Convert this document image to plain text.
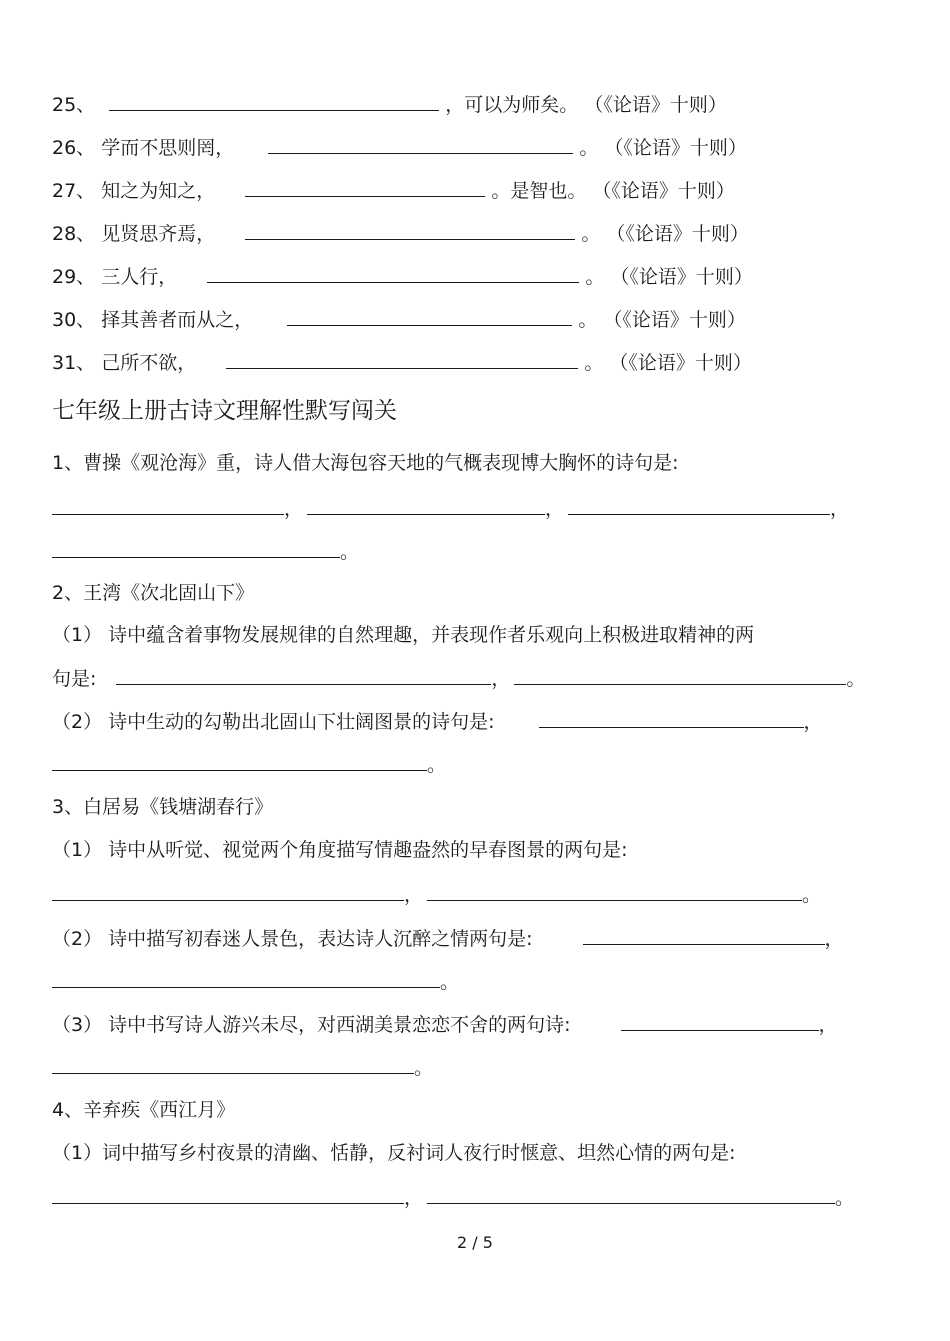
25、	，可以为师矣。 （《论语》十则）
26、 学而不思则罔，	。 （《论语》十则）
27、 知之为知之，	。是智也。 （《论语》十则）
28、 见贤思齐焉，	。 （《论语》十则）
29、 三人行，	。 （《论语》十则）
30、 择其善者而从之，	。 （《论语》十则）
31、 己所不欲，	。 （《论语》十则）
七年级上册古诗文理解性默写闯关
1、曹操《观沧海》重，诗人借大海包容天地的气概表现博大胸怀的诗句是:
，	，	，
。
2、王湾《次北固山下》
（1） 诗中蕴含着事物发展规律的自然理趣，并表现作者乐观向上积极进取精神的两
句是:	，	。
（2） 诗中生动的勾勒出北固山下壮阔图景的诗句是:	，
。
3、白居易《钱塘湖春行》
（1） 诗中从听觉、视觉两个角度描写情趣盎然的早春图景的两句是:
，	。
（2） 诗中描写初春迷人景色，表达诗人沉醉之情两句是:	，
。
（3） 诗中书写诗人游兴未尽，对西湖美景恋恋不舍的两句诗:	，
。
4、辛弃疾《西江月》
（1）词中描写乡村夜景的清幽、恬静，反衬词人夜行时惬意、坦然心情的两句是:
，	。
2 / 5
